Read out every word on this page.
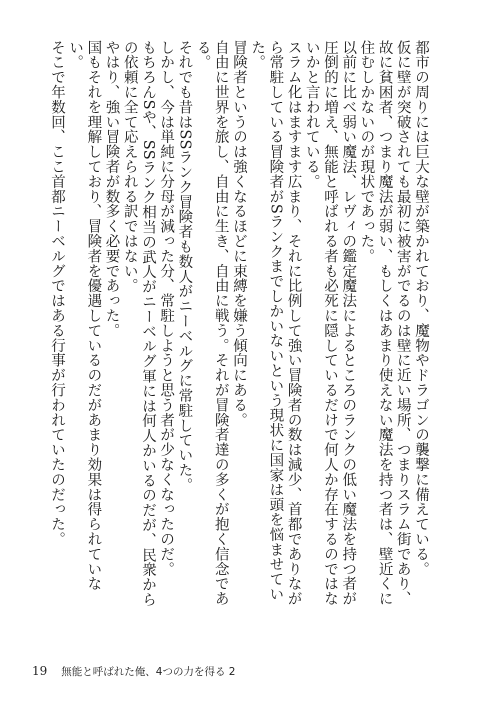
都市の周りには巨大な壁が築かれており、魔物やドラゴンの襲撃に備えている。

仮に壁が突破されても最初に被害がでるのは壁に近い場所、つまりスラム街であり、故に貧困者、つまり魔法が弱い、もしくはあまり使えない魔法を持つ者は、壁近くに住むしかないのが現状であった。

以前に比べ弱い魔法、レヴィの鑑定魔法によるところのランクの低い魔法を持つ者が圧倒的に増え、無能と呼ばれる者も必死に隠しているだけで何人か存在するのではないかと言われている。

スラム化はますます広まり、それに比例して強い冒険者の数は減少、首都でありながら常駐している冒険者がSランクまでしかいないという現状に国家は頭を悩ませていた。

冒険者というのは強くなるほどに束縛を嫌う傾向にある。

自由に世界を旅し、自由に生き、自由に戦う。それが冒険者達の多くが抱く信念である。

それでも昔はSSランク冒険者も数人がニーベルグに常駐していた。

しかし、今は単純に分母が減った分、常駐しようと思う者が少なくなったのだ。

もちろんSや、SSランク相当の武人がニーベルグ軍には何人かいるのだが、民衆からの依頼に全て応えられる訳ではない。

やはり、強い冒険者が数多く必要であった。

国もそれを理解しており、冒険者を優遇しているのだがあまり効果は得られていない。

そこで年数回、ここ首都ニーベルグではある行事が行われていたのだった。

19 無能と呼ばれた俺、4つの力を得る 2
